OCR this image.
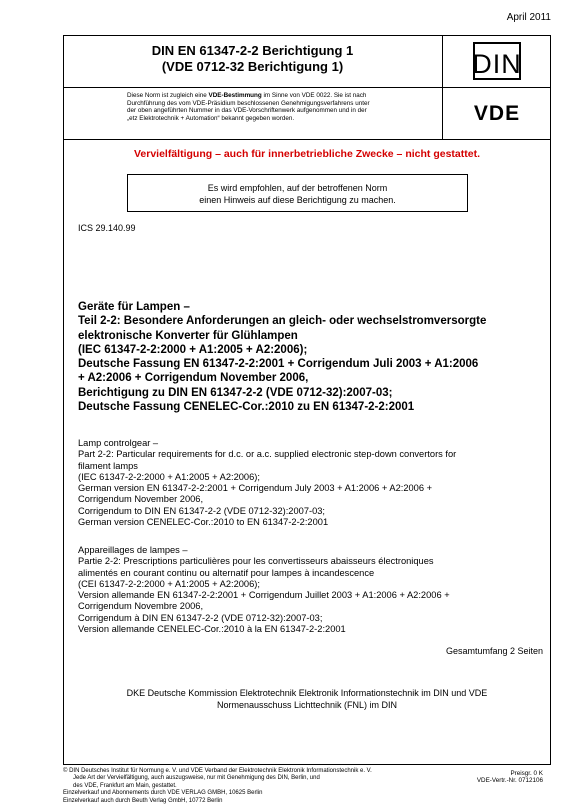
April 2011
DIN EN 61347-2-2 Berichtigung 1
(VDE 0712-32 Berichtigung 1)	DIN
Diese Norm ist zugleich eine VDE-Bestimmung im Sinne von VDE 0022. Sie ist nach
Durchführung des vom VDE-Präsidium beschlossenen Genehmigungsverfahrens unter
der oben angeführten Nummer in das VDE-Vorschriftenwerk aufgenommen und in der
„etz Elektrotechnik + Automation“ bekannt gegeben worden.	VDE
Vervielfältigung – auch für innerbetriebliche Zwecke – nicht gestattet.
Es wird empfohlen, auf der betroffenen Norm
einen Hinweis auf diese Berichtigung zu machen.
ICS 29.140.99
Geräte für Lampen –
Teil 2-2: Besondere Anforderungen an gleich- oder wechselstromversorgte
elektronische Konverter für Glühlampen
(IEC 61347-2-2:2000 + A1:2005 + A2:2006);
Deutsche Fassung EN 61347-2-2:2001 + Corrigendum Juli 2003 + A1:2006
+ A2:2006 + Corrigendum November 2006,
Berichtigung zu DIN EN 61347-2-2 (VDE 0712-32):2007-03;
Deutsche Fassung CENELEC-Cor.:2010 zu EN 61347-2-2:2001
Lamp controlgear –
Part 2-2: Particular requirements for d.c. or a.c. supplied electronic step-down convertors for
filament lamps
(IEC 61347-2-2:2000 + A1:2005 + A2:2006);
German version EN 61347-2-2:2001 + Corrigendum July 2003 + A1:2006 + A2:2006 +
Corrigendum November 2006,
Corrigendum to DIN EN 61347-2-2 (VDE 0712-32):2007-03;
German version CENELEC-Cor.:2010 to EN 61347-2-2:2001
Appareillages de lampes –
Partie 2-2: Prescriptions particulières pour les convertisseurs abaisseurs électroniques
alimentés en courant continu ou alternatif pour lampes à incandescence
(CEI 61347-2-2:2000 + A1:2005 + A2:2006);
Version allemande EN 61347-2-2:2001 + Corrigendum Juillet 2003 + A1:2006 + A2:2006 +
Corrigendum Novembre 2006,
Corrigendum à DIN EN 61347-2-2 (VDE 0712-32):2007-03;
Version allemande CENELEC-Cor.:2010 à la EN 61347-2-2:2001
Gesamtumfang 2 Seiten
DKE Deutsche Kommission Elektrotechnik Elektronik Informationstechnik im DIN und VDE
Normenausschuss Lichttechnik (FNL) im DIN
© DIN Deutsches Institut für Normung e. V. und VDE Verband der Elektrotechnik Elektronik Informationstechnik e. V.
Jede Art der Vervielfältigung, auch auszugsweise, nur mit Genehmigung des DIN, Berlin, und
des VDE, Frankfurt am Main, gestattet.
Einzelverkauf und Abonnements durch VDE VERLAG GMBH, 10625 Berlin
Einzelverkauf auch durch Beuth Verlag GmbH, 10772 Berlin
Preisgr. 0 K
VDE-Vertr.-Nr. 0712106
